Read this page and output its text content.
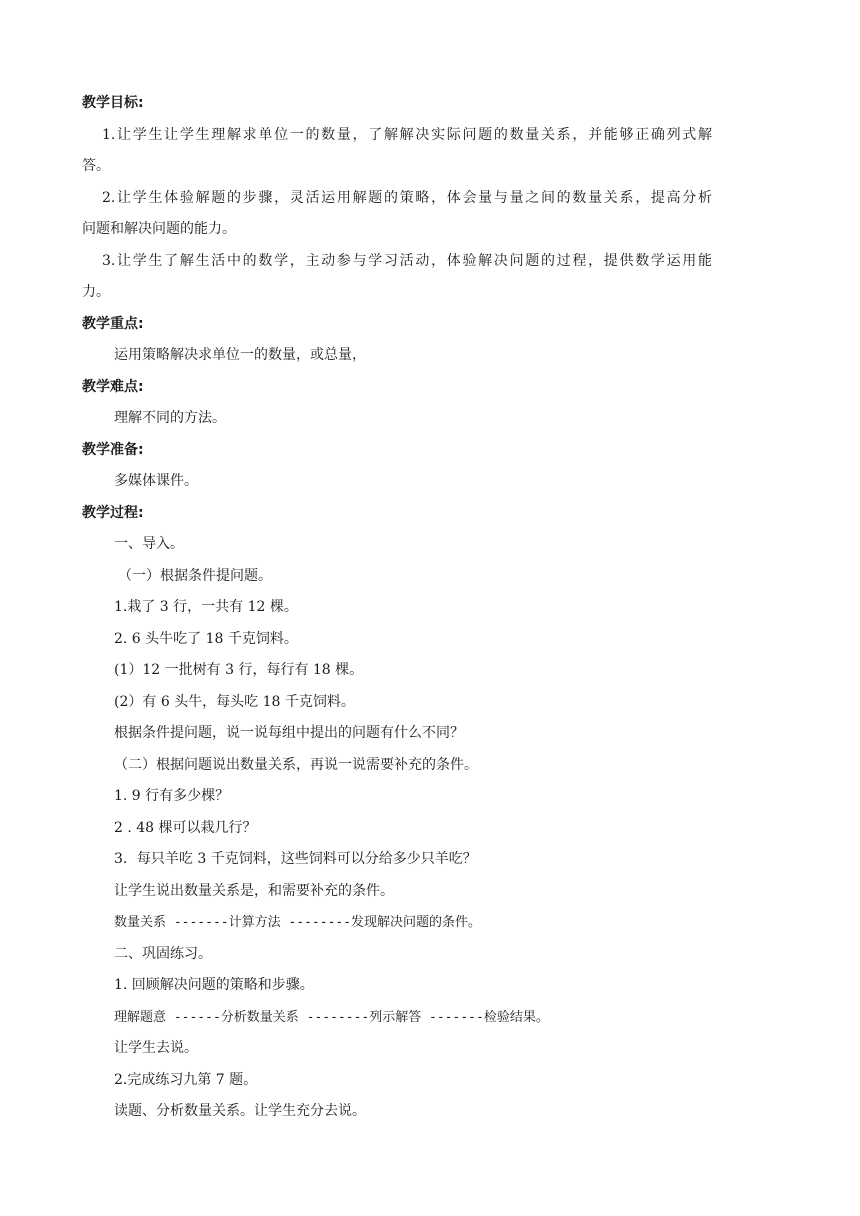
教学目标:
1.让学生让学生理解求单位一的数量，了解解决实际问题的数量关系，并能够正确列式解
答。
2.让学生体验解题的步骤，灵活运用解题的策略，体会量与量之间的数量关系，提高分析
问题和解决问题的能力。
3.让学生了解生活中的数学，主动参与学习活动，体验解决问题的过程，提供数学运用能
力。
教学重点:
运用策略解决求单位一的数量，或总量，
教学难点:
理解不同的方法。
教学准备:
多媒体课件。
教学过程:
一、导入。
（一）根据条件提问题。
1.栽了 3 行，一共有 12 棵。
2. 6 头牛吃了 18 千克饲料。
(1）12 一批树有 3 行，每行有 18 棵。
(2）有 6 头牛，每头吃 18 千克饲料。
根据条件提问题，说一说每组中提出的问题有什么不同？
（二）根据问题说出数量关系，再说一说需要补充的条件。
1. 9 行有多少棵？
2 . 48 棵可以栽几行？
3．每只羊吃 3 千克饲料，这些饲料可以分给多少只羊吃？
让学生说出数量关系是，和需要补充的条件。
数量关系 -------计算方法 --------发现解决问题的条件。
二、巩固练习。
1. 回顾解决问题的策略和步骤。
理解题意 ------分析数量关系 --------列示解答 -------检验结果。
让学生去说。
2.完成练习九第 7 题。
读题、分析数量关系。让学生充分去说。
